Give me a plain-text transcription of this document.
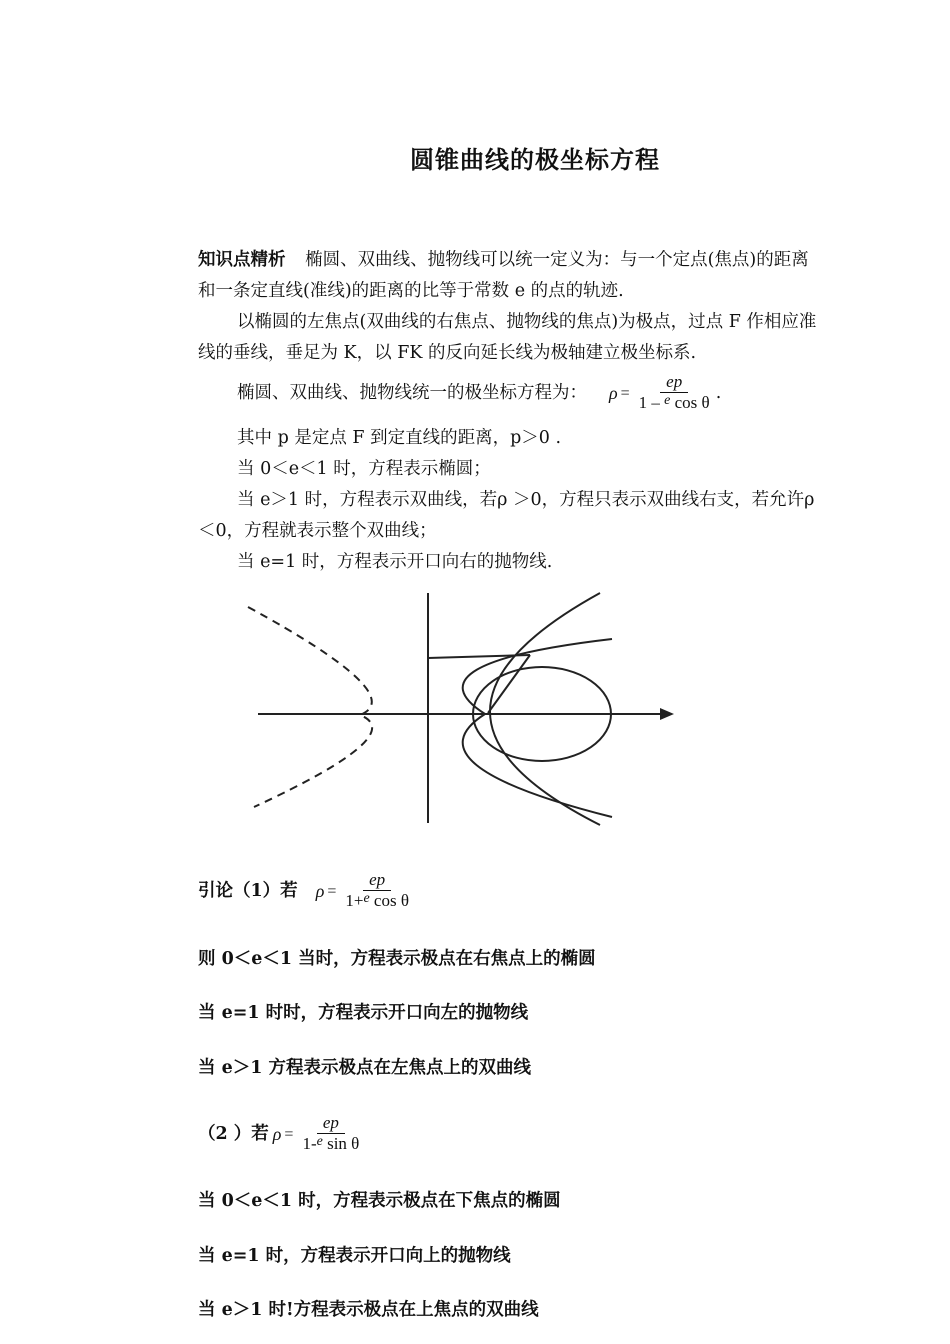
圆锥曲线的极坐标方程
知识点精析 椭圆、双曲线、抛物线可以统一定义为：与一个定点(焦点)的距离
和一条定直线(准线)的距离的比等于常数 e 的点的轨迹.
以椭圆的左焦点(双曲线的右焦点、抛物线的焦点)为极点，过点 F 作相应准
线的垂线，垂足为 K，以 FK 的反向延长线为极轴建立极坐标系.
椭圆、双曲线、抛物线统一的极坐标方程为： $\rho = \frac{ep}{1 - ^e \cos \theta}$ .
其中 p 是定点 F 到定直线的距离，p＞0 .
当 0＜e＜1 时，方程表示椭圆；
当 e＞1 时，方程表示双曲线，若ρ ＞0，方程只表示双曲线右支，若允许ρ
＜0，方程就表示整个双曲线；
当 e=1 时，方程表示开口向右的抛物线.
引论（1）若 $\rho = \frac{ep}{1+^e \cos \theta}$
则 0＜e＜1 当时，方程表示极点在右焦点上的椭圆
当 e=1 时时，方程表示开口向左的抛物线
当 e＞1 方程表示极点在左焦点上的双曲线
（2 ）若 $\rho = \frac{ep}{1-^e \sin \theta}$
当 0＜e＜1 时，方程表示极点在下焦点的椭圆
当 e=1 时，方程表示开口向上的抛物线
当 e＞1 时!方程表示极点在上焦点的双曲线
